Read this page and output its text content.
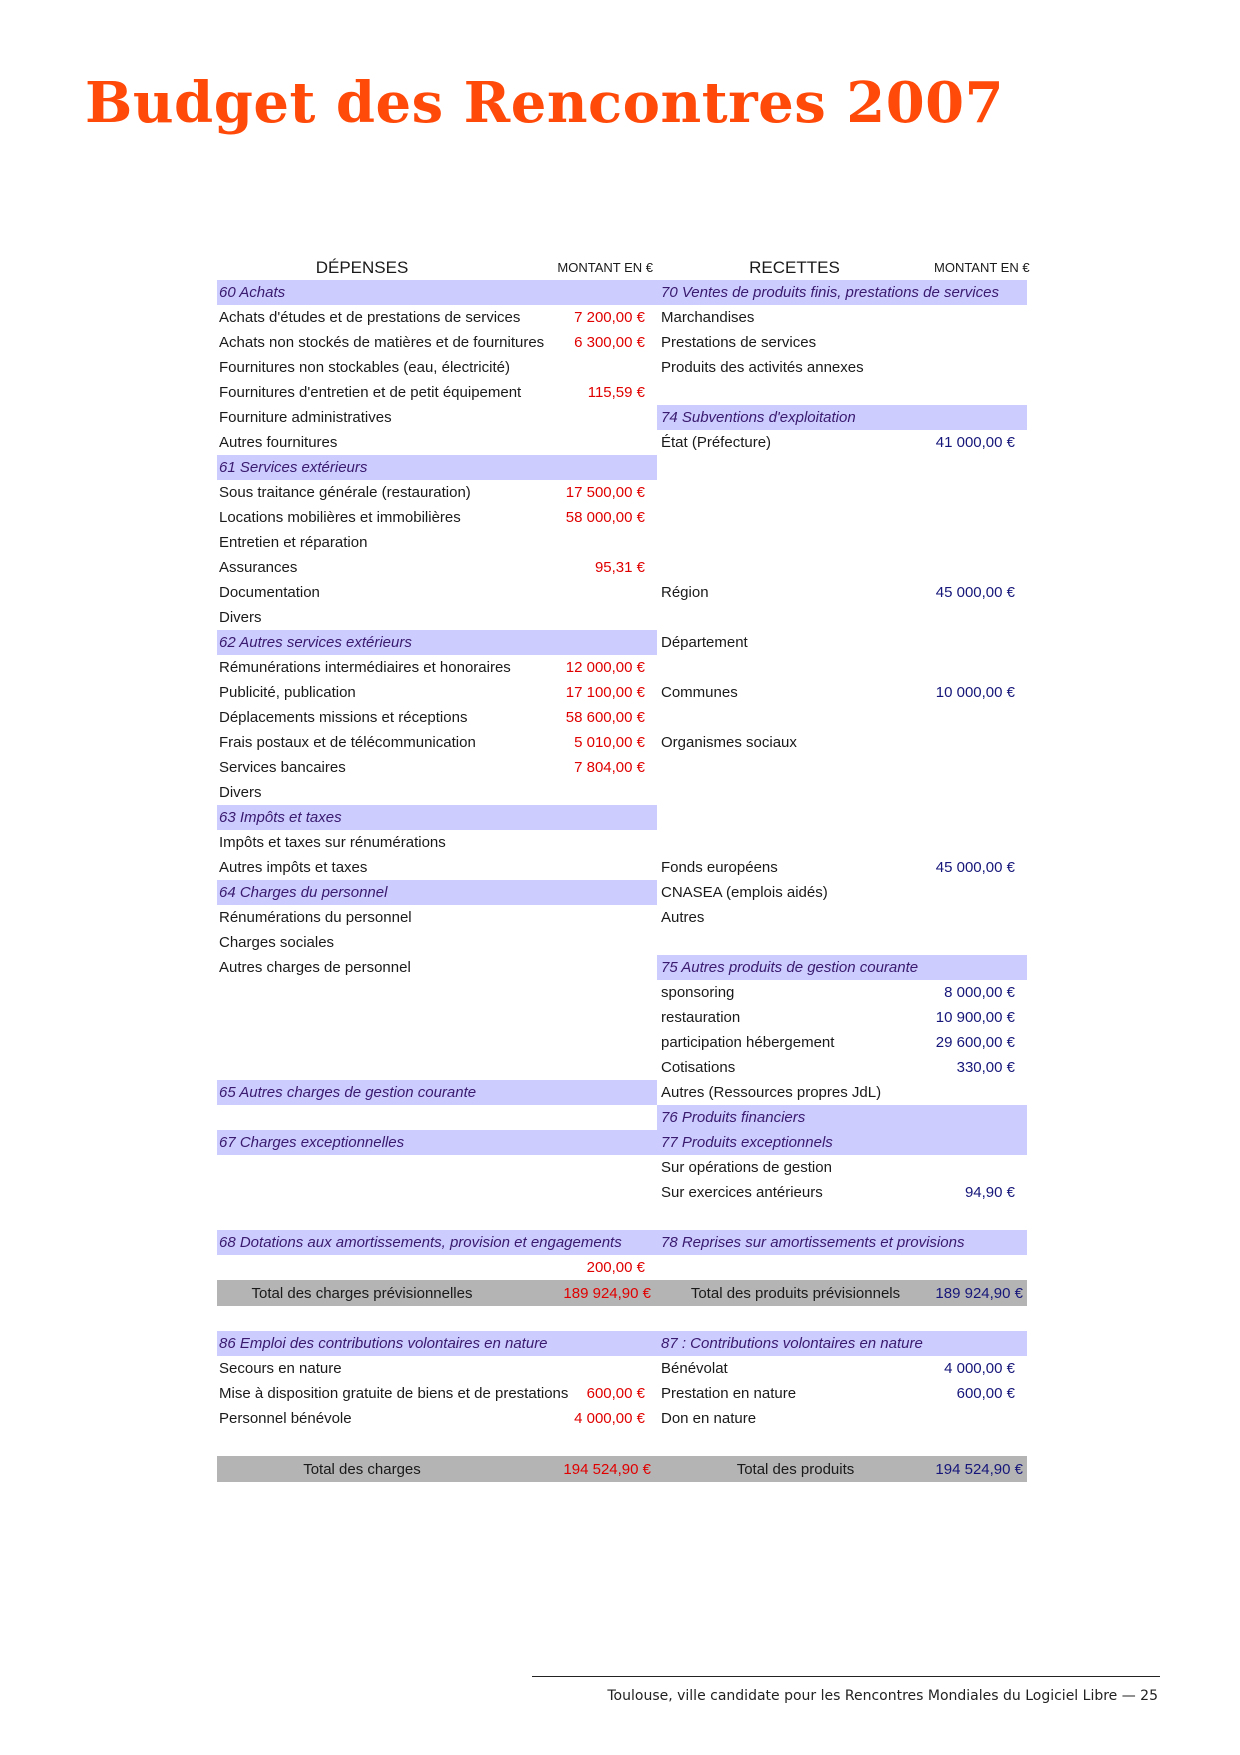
Budget des Rencontres 2007
DÉPENSES	MONTANT EN €	RECETTES	MONTANT EN €
60 Achats		70 Ventes de produits finis, prestations de services	
Achats d'études et de prestations de services	7 200,00 €	Marchandises	
Achats non stockés de matières et de fournitures	6 300,00 €	Prestations de services	
Fournitures non stockables (eau, électricité)		Produits des activités annexes	
Fournitures d'entretien et de petit équipement	115,59 €		
Fourniture administratives		74 Subventions d'exploitation	
Autres fournitures		État (Préfecture)	41 000,00 €
61 Services extérieurs			
Sous traitance générale (restauration)	17 500,00 €		
Locations mobilières et immobilières	58 000,00 €		
Entretien et réparation			
Assurances	95,31 €		
Documentation		Région	45 000,00 €
Divers			
62 Autres services extérieurs		Département	
Rémunérations intermédiaires et honoraires	12 000,00 €		
Publicité, publication	17 100,00 €	Communes	10 000,00 €
Déplacements missions et réceptions	58 600,00 €		
Frais postaux et de télécommunication	5 010,00 €	Organismes sociaux	
Services bancaires	7 804,00 €		
Divers			
63 Impôts et taxes			
Impôts et taxes sur rénumérations			
Autres impôts et taxes		Fonds européens	45 000,00 €
64 Charges du personnel		CNASEA (emplois aidés)	
Rénumérations du personnel		Autres	
Charges sociales			
Autres charges de personnel		75 Autres produits de gestion courante	
		sponsoring	8 000,00 €
		restauration	10 900,00 €
		participation hébergement	29 600,00 €
		Cotisations	330,00 €
65 Autres charges de gestion courante		Autres (Ressources propres JdL)	
		76 Produits financiers	
67 Charges exceptionnelles		77 Produits exceptionnels	
		Sur opérations de gestion	
		Sur exercices antérieurs	94,90 €

68 Dotations aux amortissements, provision et engagements		78 Reprises sur amortissements et provisions	
	200,00 €		
Total des charges prévisionnelles	189 924,90 €	Total des produits prévisionnels	189 924,90 €

86 Emploi des contributions volontaires en nature		87 : Contributions volontaires en nature	
Secours en nature		Bénévolat	4 000,00 €
Mise à disposition gratuite de biens et de prestations	600,00 €	Prestation en nature	600,00 €
Personnel bénévole	4 000,00 €	Don en nature	

Total des charges	194 524,90 €	Total des produits	194 524,90 €

Toulouse, ville candidate pour les Rencontres Mondiales du Logiciel Libre — 25
